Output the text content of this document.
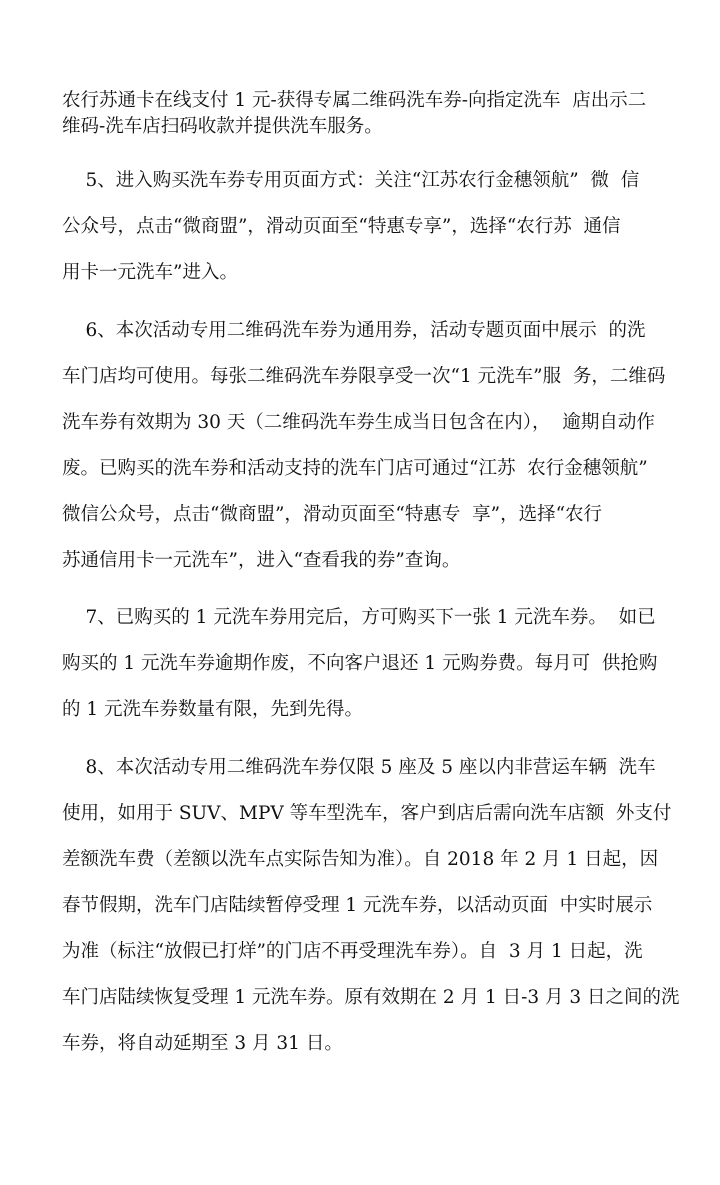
农行苏通卡在线支付 1 元-获得专属二维码洗车券-向指定洗车  店出示二
维码-洗车店扫码收款并提供洗车服务。
5、进入购买洗车券专用页面方式：关注“江苏农行金穗领航”  微  信
公众号，点击“微商盟”，滑动页面至“特惠专享”，选择“农行苏  通信
用卡一元洗车”进入。
6、本次活动专用二维码洗车券为通用券，活动专题页面中展示  的洗
车门店均可使用。每张二维码洗车券限享受一次“1 元洗车”服  务，二维码
洗车券有效期为 30 天（二维码洗车券生成当日包含在内），  逾期自动作
废。已购买的洗车券和活动支持的洗车门店可通过“江苏  农行金穗领航”
微信公众号，点击“微商盟”，滑动页面至“特惠专  享”，选择“农行
苏通信用卡一元洗车”，进入“查看我的券”查询。
7、已购买的 1 元洗车券用完后，方可购买下一张 1 元洗车券。  如已
购买的 1 元洗车券逾期作废，不向客户退还 1 元购券费。每月可  供抢购
的 1 元洗车券数量有限，先到先得。
8、本次活动专用二维码洗车券仅限 5 座及 5 座以内非营运车辆  洗车
使用，如用于 SUV、MPV 等车型洗车，客户到店后需向洗车店额  外支付
差额洗车费（差额以洗车点实际告知为准）。自 2018 年 2 月 1 日起，因
春节假期，洗车门店陆续暂停受理 1 元洗车券，以活动页面  中实时展示
为准（标注“放假已打烊”的门店不再受理洗车券）。自  3 月 1 日起，洗
车门店陆续恢复受理 1 元洗车券。原有效期在 2 月 1 日-3 月 3 日之间的洗
车券，将自动延期至 3 月 31 日。
